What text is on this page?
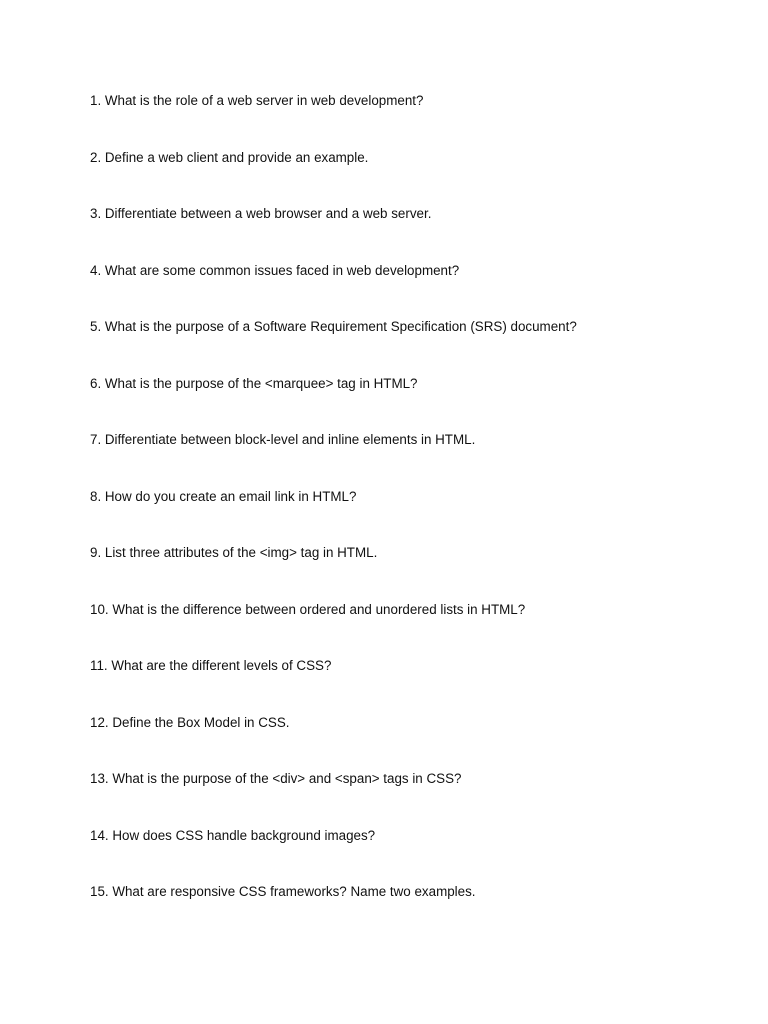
1. What is the role of a web server in web development?
2. Define a web client and provide an example.
3. Differentiate between a web browser and a web server.
4. What are some common issues faced in web development?
5. What is the purpose of a Software Requirement Specification (SRS) document?
6. What is the purpose of the <marquee> tag in HTML?
7. Differentiate between block-level and inline elements in HTML.
8. How do you create an email link in HTML?
9. List three attributes of the <img> tag in HTML.
10. What is the difference between ordered and unordered lists in HTML?
11. What are the different levels of CSS?
12. Define the Box Model in CSS.
13. What is the purpose of the <div> and <span> tags in CSS?
14. How does CSS handle background images?
15. What are responsive CSS frameworks? Name two examples.
